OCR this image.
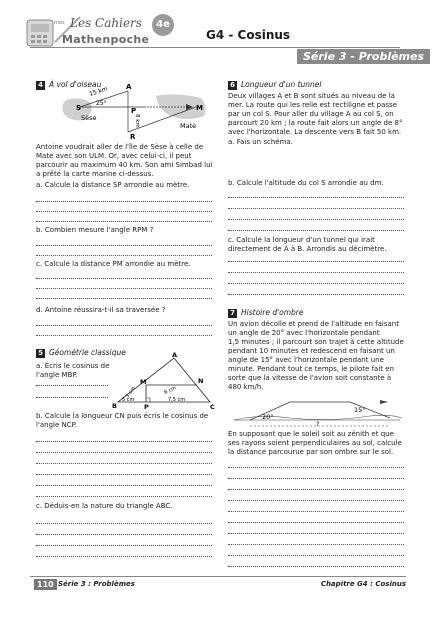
mes Les Cahiers
Mathenpoche
4e
G4 - Cosinus
Série 3 - Problèmes
4 À vol d'oiseau
S
A
P	M
R
15 km
25°
8 km
Sèse
Mate
Antoine voudrait aller de l'île de Sèse à celle de
Mate avec son ULM. Or, avec celui-ci, il peut
parcourir au maximum 40 km. Son ami Simbad lui
a prêté la carte marine ci-dessus.
a. Calcule la distance SP arrondie au mètre.
b. Combien mesure l'angle RPM ?
c. Calcule la distance PM arrondie au mètre.
d. Antoine réussira-t-il sa traversée ?
5 Géométrie classique
a. Écris le cosinus de
l'angle MBP.
A
M	N
B	P	C
3 cm	6 cm
5 cm	7,5 cm
b. Calcule la longueur CN puis écris le cosinus de
l'angle NCP.
c. Déduis-en la nature du triangle ABC.
6 Longueur d'un tunnel
Deux villages A et B sont situés au niveau de la
mer. La route qui les relie est rectiligne et passe
par un col S. Pour aller du village A au col S, on
parcourt 20 km ; la route fait alors un angle de 8°
avec l'horizontale. La descente vers B fait 50 km.
a. Fais un schéma.
b. Calcule l'altitude du col S arrondie au dm.
c. Calcule la longueur d'un tunnel qui irait
directement de A à B. Arrondis au décimètre.
7 Histoire d'ombre
Un avion décolle et prend de l'altitude en faisant
un angle de 20° avec l'horizontale pendant
1,5 minutes ; il parcourt son trajet à cette altitude
pendant 10 minutes et redescend en faisant un
angle de 15° avec l'horizontale pendant une
minute. Pendant tout ce temps, le pilote fait en
sorte que la vitesse de l'avion soit constante à
480 km/h.
20°
15°
?
En supposant que le soleil soit au zénith et que
ses rayons soient perpendiculaires au sol, calcule
la distance parcourue par son ombre sur le sol.
110 Série 3 : Problèmes	Chapitre G4 : Cosinus
